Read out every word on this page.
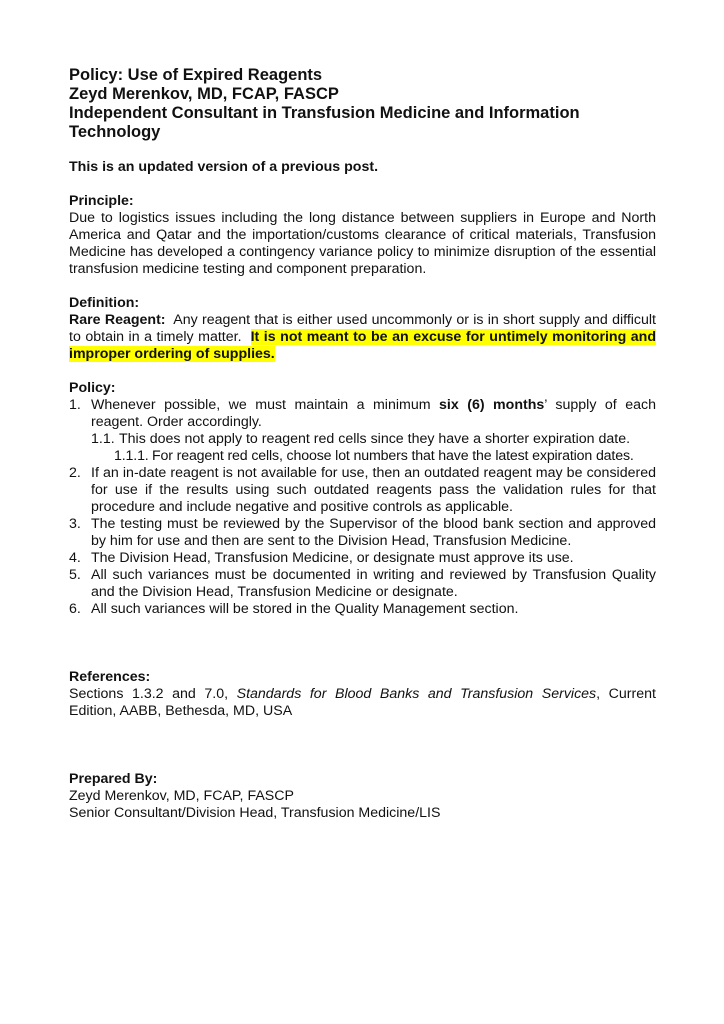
Policy: Use of Expired Reagents

Zeyd Merenkov, MD, FCAP, FASCP

Independent Consultant in Transfusion Medicine and Information Technology

This is an updated version of a previous post.

Principle:

Due to logistics issues including the long distance between suppliers in Europe and North America and Qatar and the importation/customs clearance of critical materials, Transfusion Medicine has developed a contingency variance policy to minimize disruption of the essential transfusion medicine testing and component preparation.

Definition:

Rare Reagent:  Any reagent that is either used uncommonly or is in short supply and difficult to obtain in a timely matter.  It is not meant to be an excuse for untimely monitoring and improper ordering of supplies.

Policy:

1. Whenever possible, we must maintain a minimum six (6) months’ supply of each reagent. Order accordingly.
1.1. This does not apply to reagent red cells since they have a shorter expiration date.
1.1.1. For reagent red cells, choose lot numbers that have the latest expiration dates.
2. If an in-date reagent is not available for use, then an outdated reagent may be considered for use if the results using such outdated reagents pass the validation rules for that procedure and include negative and positive controls as applicable.
3. The testing must be reviewed by the Supervisor of the blood bank section and approved by him for use and then are sent to the Division Head, Transfusion Medicine.
4. The Division Head, Transfusion Medicine, or designate must approve its use.
5. All such variances must be documented in writing and reviewed by Transfusion Quality and the Division Head, Transfusion Medicine or designate.
6. All such variances will be stored in the Quality Management section.

References:

Sections 1.3.2 and 7.0, Standards for Blood Banks and Transfusion Services, Current Edition, AABB, Bethesda, MD, USA

Prepared By:

Zeyd Merenkov, MD, FCAP, FASCP

Senior Consultant/Division Head, Transfusion Medicine/LIS
